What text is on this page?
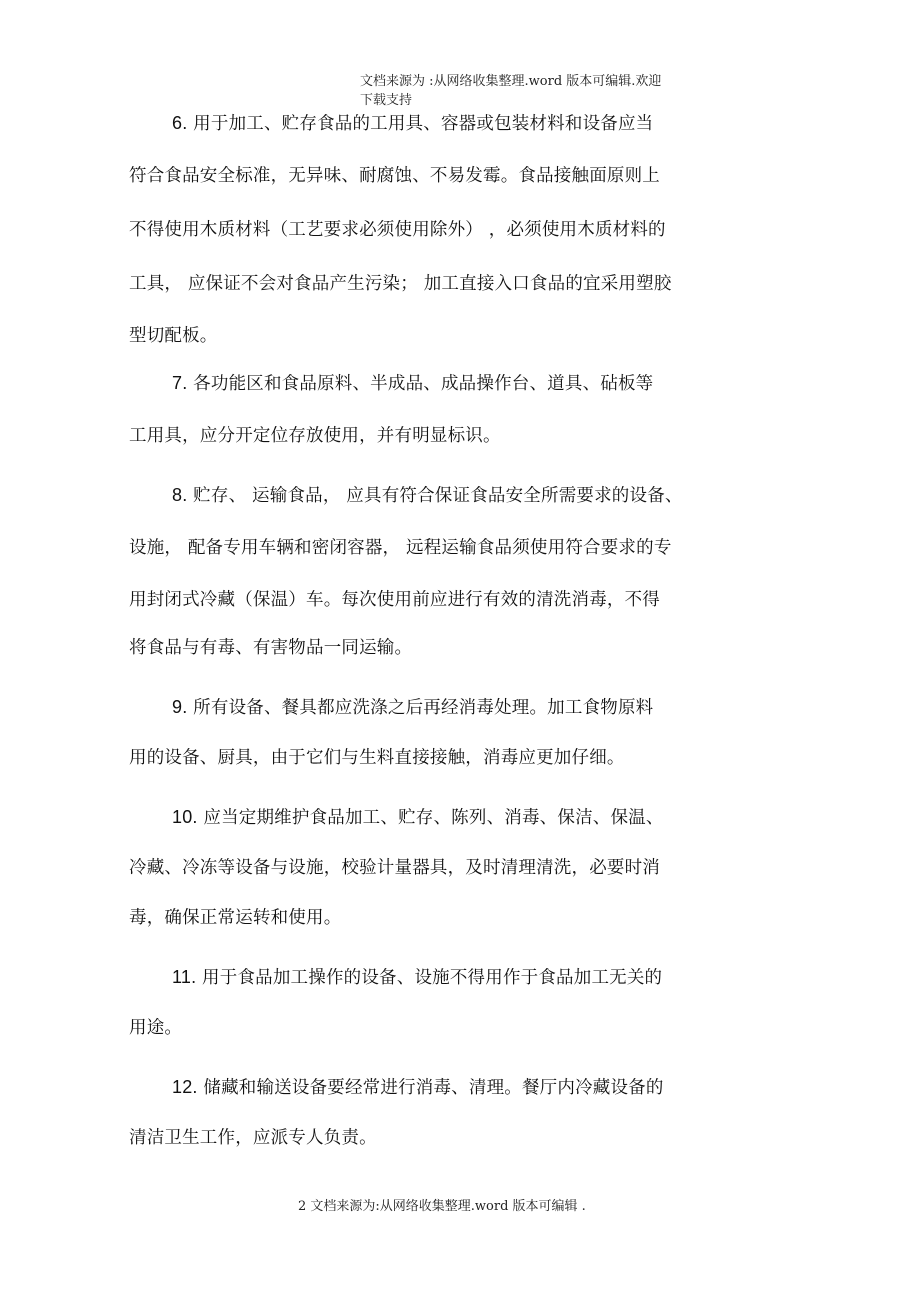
文档来源为 :从网络收集整理.word 版本可编辑.欢迎
下载支持
6. 用于加工、贮存食品的工用具、容器或包装材料和设备应当
符合食品安全标准，无异味、耐腐蚀、不易发霉。食品接触面原则上
不得使用木质材料（工艺要求必须使用除外） ，必须使用木质材料的
工具， 应保证不会对食品产生污染； 加工直接入口食品的宜采用塑胶
型切配板。
7. 各功能区和食品原料、半成品、成品操作台、道具、砧板等
工用具，应分开定位存放使用，并有明显标识。
8. 贮存、 运输食品， 应具有符合保证食品安全所需要求的设备、
设施， 配备专用车辆和密闭容器， 远程运输食品须使用符合要求的专
用封闭式冷藏（保温）车。每次使用前应进行有效的清洗消毒，不得
将食品与有毒、有害物品一同运输。
9. 所有设备、餐具都应洗涤之后再经消毒处理。加工食物原料
用的设备、厨具，由于它们与生料直接接触，消毒应更加仔细。
10. 应当定期维护食品加工、贮存、陈列、消毒、保洁、保温、
冷藏、冷冻等设备与设施，校验计量器具，及时清理清洗，必要时消
毒，确保正常运转和使用。
11. 用于食品加工操作的设备、设施不得用作于食品加工无关的
用途。
12. 储藏和输送设备要经常进行消毒、清理。餐厅内冷藏设备的
清洁卫生工作，应派专人负责。
2 文档来源为:从网络收集整理.word 版本可编辑 .
